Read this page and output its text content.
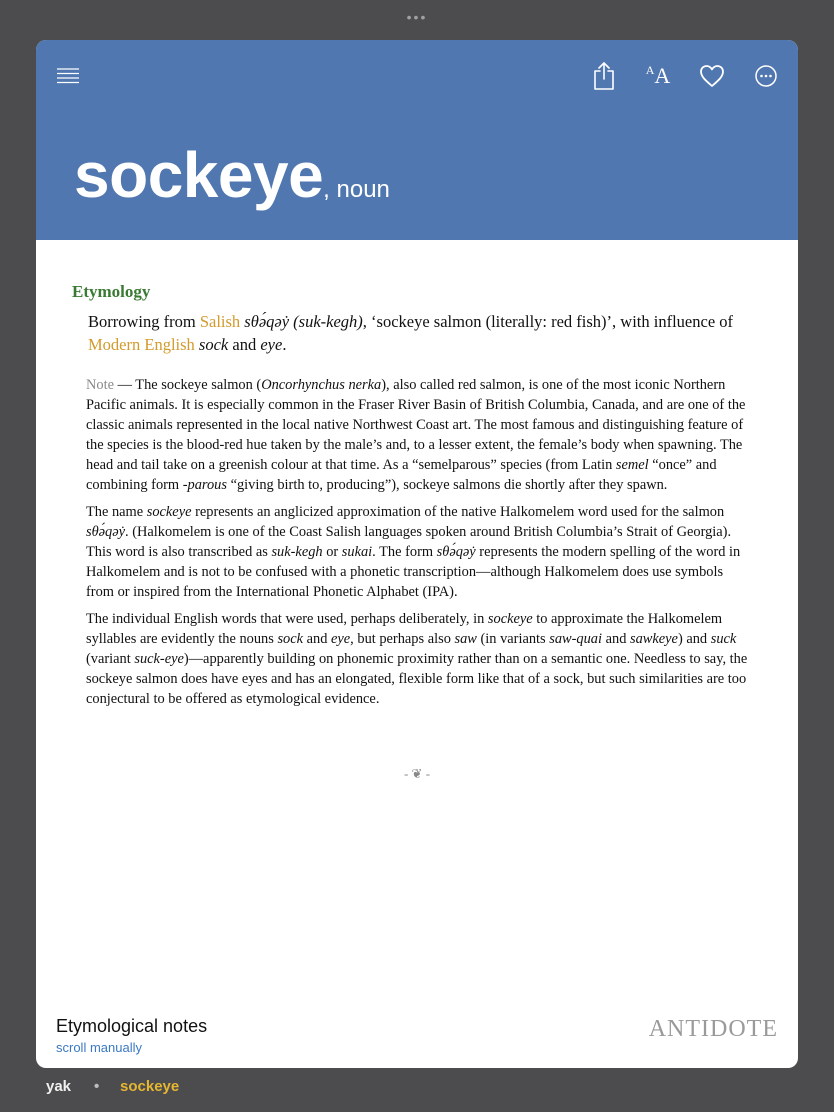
•••
A A
sockeye, noun
Etymology
Borrowing from Salish sθə́qəẏ (suk-kegh), ‘sockeye salmon (literally: red fish)’, with influence of Modern English sock and eye.

Note — The sockeye salmon (Oncorhynchus nerka), also called red salmon, is one of the most iconic Northern Pacific animals. It is especially common in the Fraser River Basin of British Columbia, Canada, and are one of the classic animals represented in the local native Northwest Coast art. The most famous and distinguishing feature of the species is the blood-red hue taken by the male’s and, to a lesser extent, the female’s body when spawning. The head and tail take on a greenish colour at that time. As a “semelparous” species (from Latin semel “once” and combining form -parous “giving birth to, producing”), sockeye salmons die shortly after they spawn.

The name sockeye represents an anglicized approximation of the native Halkomelem word used for the salmon sθə́qəẏ. (Halkomelem is one of the Coast Salish languages spoken around British Columbia’s Strait of Georgia). This word is also transcribed as suk-kegh or sukai. The form sθə́qəẏ represents the modern spelling of the word in Halkomelem and is not to be confused with a phonetic transcription—although Halkomelem does use symbols from or inspired from the International Phonetic Alphabet (IPA).

The individual English words that were used, perhaps deliberately, in sockeye to approximate the Halkomelem syllables are evidently the nouns sock and eye, but perhaps also saw (in variants saw-quai and sawkeye) and suck (variant suck-eye)—apparently building on phonemic proximity rather than on a semantic one. Needless to say, the sockeye salmon does have eyes and has an elongated, flexible form like that of a sock, but such similarities are too conjectural to be offered as etymological evidence.

- ❦ -
Etymological notes
scroll manually
ANTIDOTE
yak • sockeye
